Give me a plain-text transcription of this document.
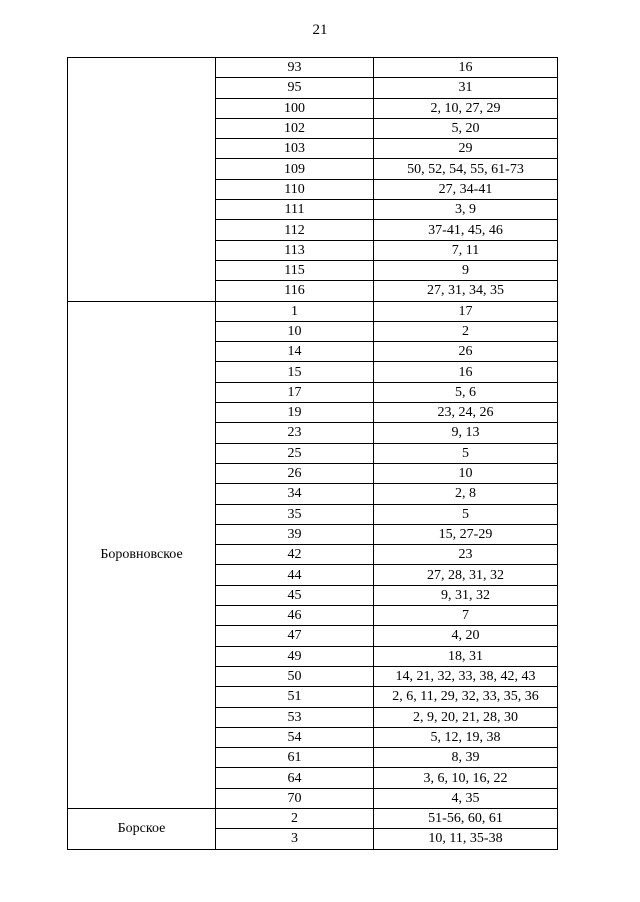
21
	93	16
	95	31
	100	2, 10, 27, 29
	102	5, 20
	103	29
	109	50, 52, 54, 55, 61-73
	110	27, 34-41
	111	3, 9
	112	37-41, 45, 46
	113	7, 11
	115	9
	116	27, 31, 34, 35
Боровновское	1	17
	10	2
	14	26
	15	16
	17	5, 6
	19	23, 24, 26
	23	9, 13
	25	5
	26	10
	34	2, 8
	35	5
	39	15, 27-29
	42	23
	44	27, 28, 31, 32
	45	9, 31, 32
	46	7
	47	4, 20
	49	18, 31
	50	14, 21, 32, 33, 38, 42, 43
	51	2, 6, 11, 29, 32, 33, 35, 36
	53	2, 9, 20, 21, 28, 30
	54	5, 12, 19, 38
	61	8, 39
	64	3, 6, 10, 16, 22
	70	4, 35
Борское	2	51-56, 60, 61
	3	10, 11, 35-38
